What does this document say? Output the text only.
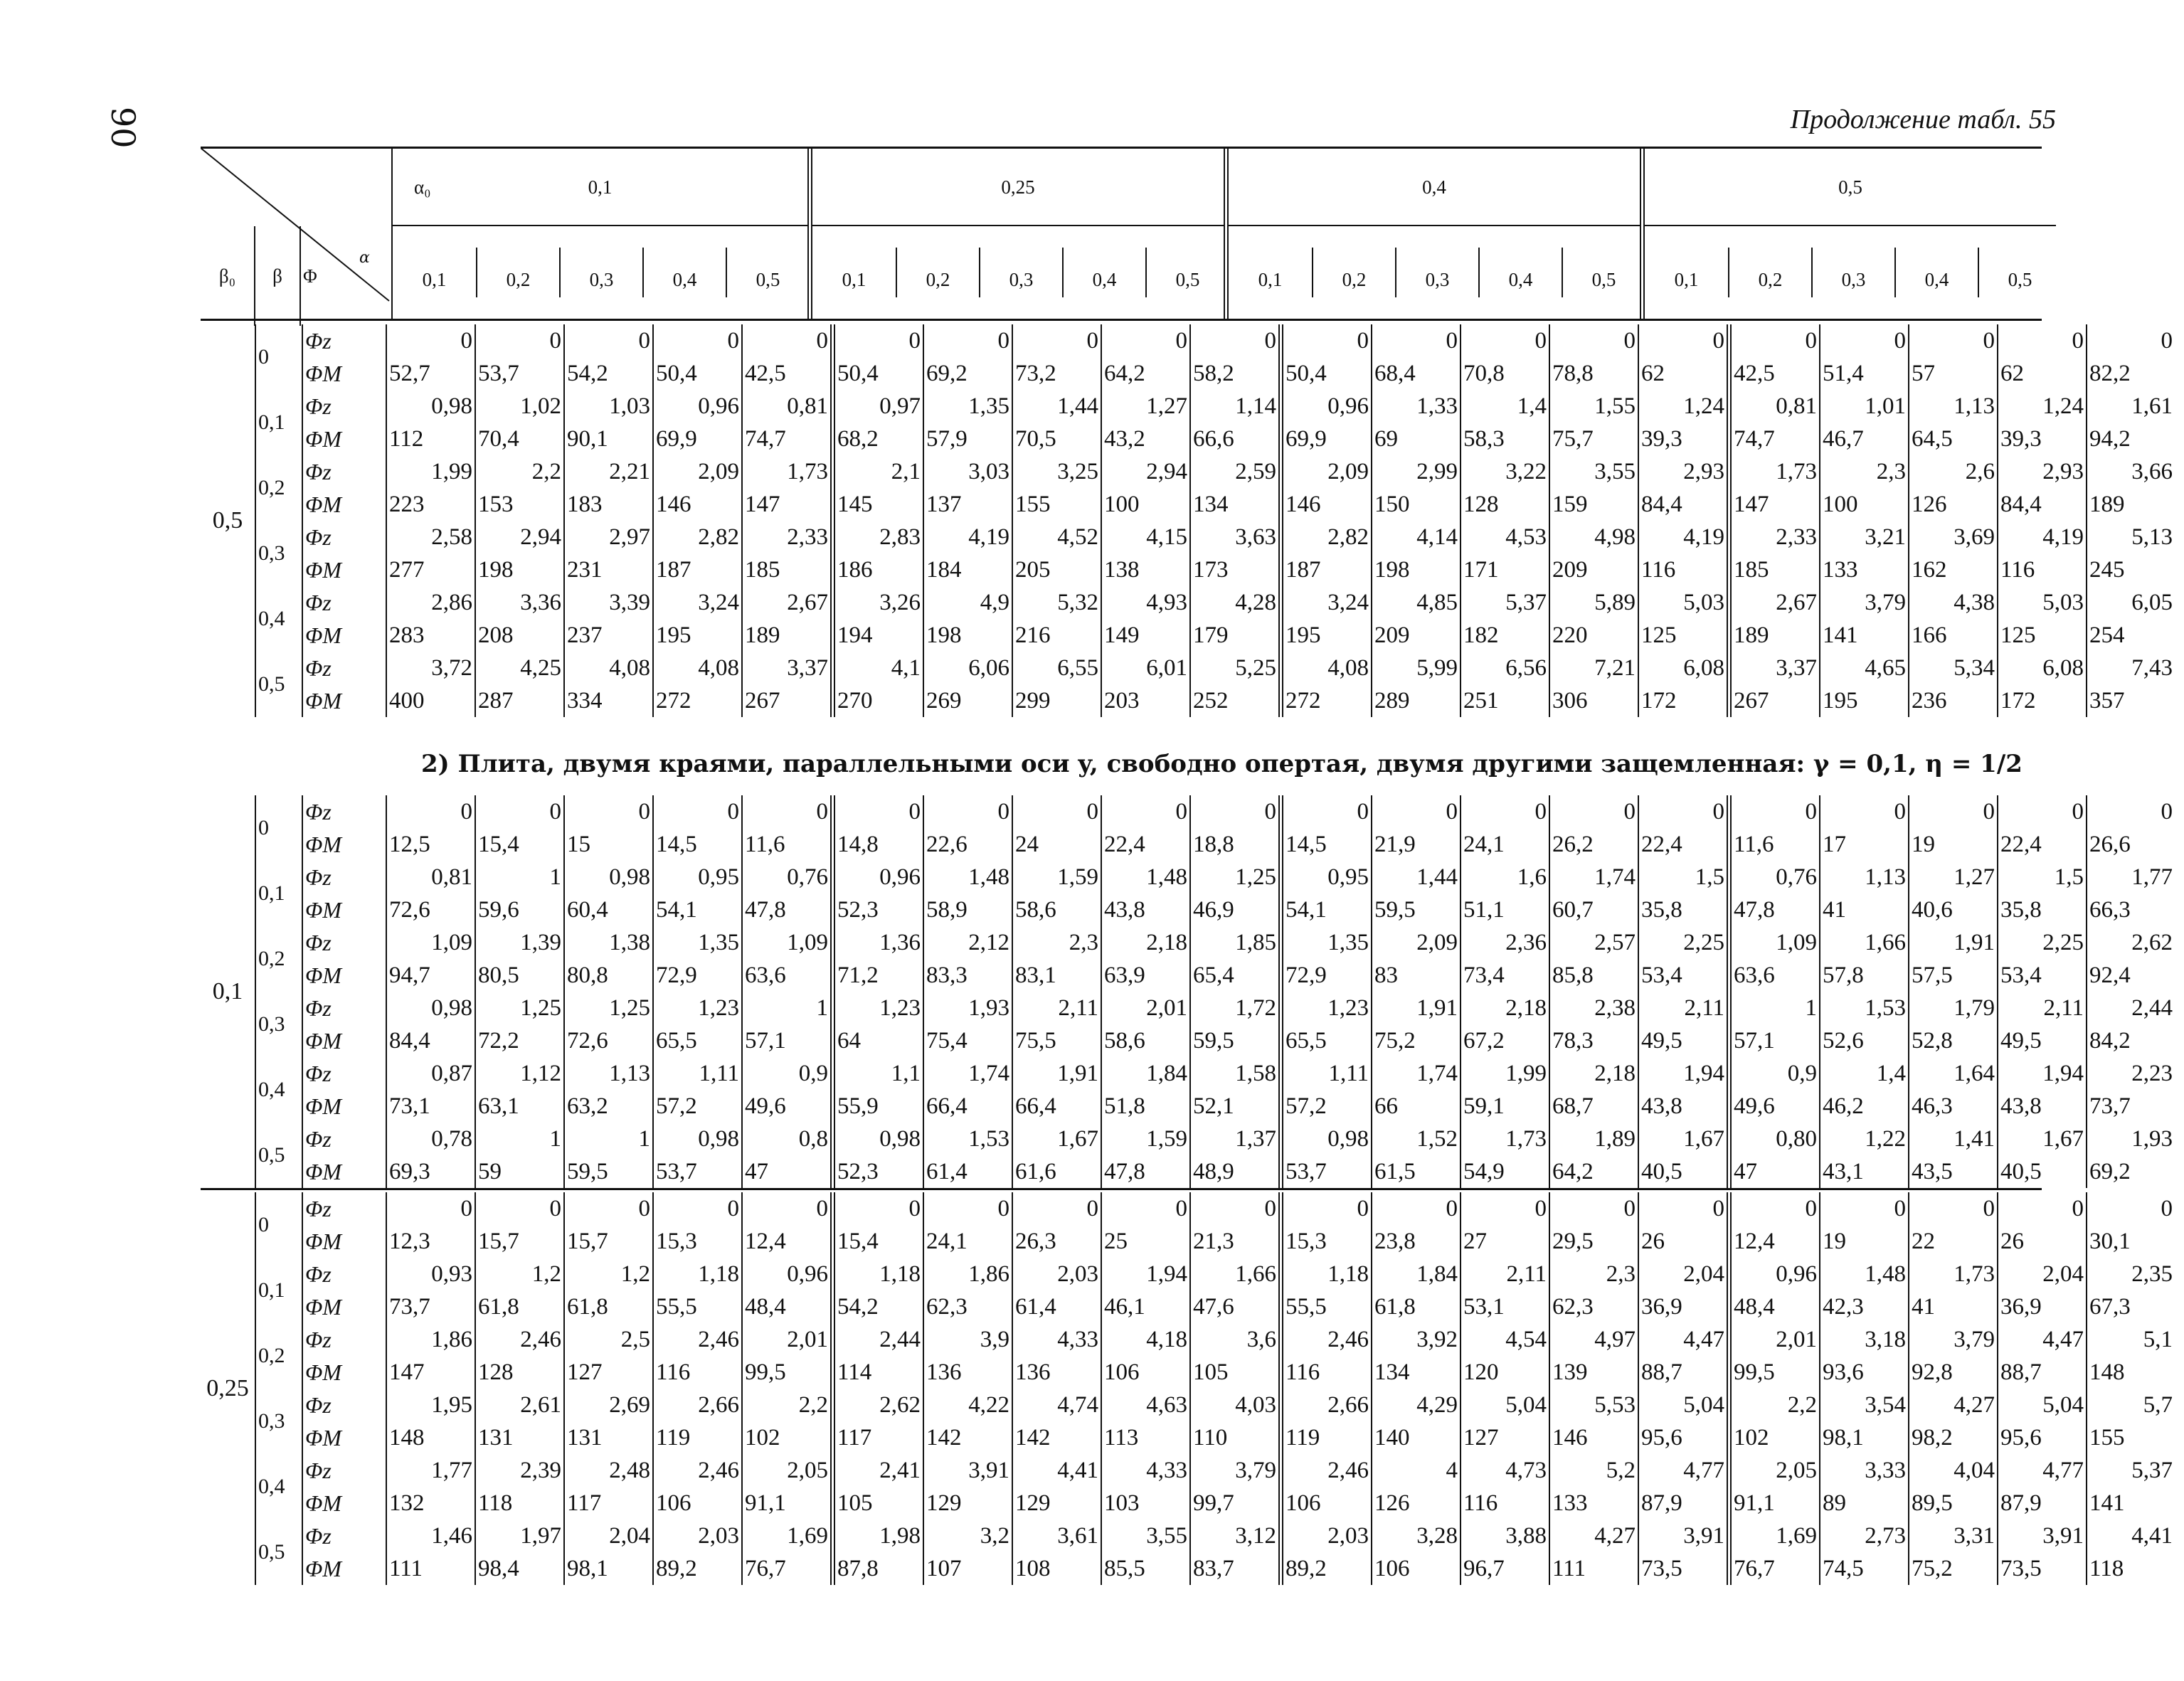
90	Продолжение табл. 55
		α₀
β₀	β	Φ
0,1
0,1	0,2	0,3	0,4	0,5
0,25
0,1	0,2	0,3	0,4	0,5
0,4
0,1	0,2	0,3	0,4	0,5
0,5
0,1	0,2	0,3	0,4	0,5
α
2) Плита, двумя краями, параллельными оси y, свободно опертая, двумя другими защемленная: γ = 0,1, η = 1/2
0,5	0	Φz	0	0	0	0	0	0	0	0	0	0	0	0	0	0	0	0	0	0	0	0
		ΦM	52,7	53,7	54,2	50,4	42,5	50,4	69,2	73,2	64,2	58,2	50,4	68,4	70,8	78,8	62	42,5	51,4	57	62	82,2
	0,1	Φz	0,98	1,02	1,03	0,96	0,81	0,97	1,35	1,44	1,27	1,14	0,96	1,33	1,4	1,55	1,24	0,81	1,01	1,13	1,24	1,61
		ΦM	112	70,4	90,1	69,9	74,7	68,2	57,9	70,5	43,2	66,6	69,9	69	58,3	75,7	39,3	74,7	46,7	64,5	39,3	94,2
	0,2	Φz	1,99	2,2	2,21	2,09	1,73	2,1	3,03	3,25	2,94	2,59	2,09	2,99	3,22	3,55	2,93	1,73	2,3	2,6	2,93	3,66
		ΦM	223	153	183	146	147	145	137	155	100	134	146	150	128	159	84,4	147	100	126	84,4	189
	0,3	Φz	2,58	2,94	2,97	2,82	2,33	2,83	4,19	4,52	4,15	3,63	2,82	4,14	4,53	4,98	4,19	2,33	3,21	3,69	4,19	5,13
		ΦM	277	198	231	187	185	186	184	205	138	173	187	198	171	209	116	185	133	162	116	245
	0,4	Φz	2,86	3,36	3,39	3,24	2,67	3,26	4,9	5,32	4,93	4,28	3,24	4,85	5,37	5,89	5,03	2,67	3,79	4,38	5,03	6,05
		ΦM	283	208	237	195	189	194	198	216	149	179	195	209	182	220	125	189	141	166	125	254
	0,5	Φz	3,72	4,25	4,08	4,08	3,37	4,1	6,06	6,55	6,01	5,25	4,08	5,99	6,56	7,21	6,08	3,37	4,65	5,34	6,08	7,43
		ΦM	400	287	334	272	267	270	269	299	203	252	272	289	251	306	172	267	195	236	172	357
0,1	0	Φz	0	0	0	0	0	0	0	0	0	0	0	0	0	0	0	0	0	0	0	0
		ΦM	12,5	15,4	15	14,5	11,6	14,8	22,6	24	22,4	18,8	14,5	21,9	24,1	26,2	22,4	11,6	17	19	22,4	26,6
	0,1	Φz	0,81	1	0,98	0,95	0,76	0,96	1,48	1,59	1,48	1,25	0,95	1,44	1,6	1,74	1,5	0,76	1,13	1,27	1,5	1,77
		ΦM	72,6	59,6	60,4	54,1	47,8	52,3	58,9	58,6	43,8	46,9	54,1	59,5	51,1	60,7	35,8	47,8	41	40,6	35,8	66,3
	0,2	Φz	1,09	1,39	1,38	1,35	1,09	1,36	2,12	2,3	2,18	1,85	1,35	2,09	2,36	2,57	2,25	1,09	1,66	1,91	2,25	2,62
		ΦM	94,7	80,5	80,8	72,9	63,6	71,2	83,3	83,1	63,9	65,4	72,9	83	73,4	85,8	53,4	63,6	57,8	57,5	53,4	92,4
	0,3	Φz	0,98	1,25	1,25	1,23	1	1,23	1,93	2,11	2,01	1,72	1,23	1,91	2,18	2,38	2,11	1	1,53	1,79	2,11	2,44
		ΦM	84,4	72,2	72,6	65,5	57,1	64	75,4	75,5	58,6	59,5	65,5	75,2	67,2	78,3	49,5	57,1	52,6	52,8	49,5	84,2
	0,4	Φz	0,87	1,12	1,13	1,11	0,9	1,1	1,74	1,91	1,84	1,58	1,11	1,74	1,99	2,18	1,94	0,9	1,4	1,64	1,94	2,23
		ΦM	73,1	63,1	63,2	57,2	49,6	55,9	66,4	66,4	51,8	52,1	57,2	66	59,1	68,7	43,8	49,6	46,2	46,3	43,8	73,7
	0,5	Φz	0,78	1	1	0,98	0,8	0,98	1,53	1,67	1,59	1,37	0,98	1,52	1,73	1,89	1,67	0,80	1,22	1,41	1,67	1,93
		ΦM	69,3	59	59,5	53,7	47	52,3	61,4	61,6	47,8	48,9	53,7	61,5	54,9	64,2	40,5	47	43,1	43,5	40,5	69,2
0,25	0	Φz	0	0	0	0	0	0	0	0	0	0	0	0	0	0	0	0	0	0	0	0
		ΦM	12,3	15,7	15,7	15,3	12,4	15,4	24,1	26,3	25	21,3	15,3	23,8	27	29,5	26	12,4	19	22	26	30,1
	0,1	Φz	0,93	1,2	1,2	1,18	0,96	1,18	1,86	2,03	1,94	1,66	1,18	1,84	2,11	2,3	2,04	0,96	1,48	1,73	2,04	2,35
		ΦM	73,7	61,8	61,8	55,5	48,4	54,2	62,3	61,4	46,1	47,6	55,5	61,8	53,1	62,3	36,9	48,4	42,3	41	36,9	67,3
	0,2	Φz	1,86	2,46	2,5	2,46	2,01	2,44	3,9	4,33	4,18	3,6	2,46	3,92	4,54	4,97	4,47	2,01	3,18	3,79	4,47	5,1
		ΦM	147	128	127	116	99,5	114	136	136	106	105	116	134	120	139	88,7	99,5	93,6	92,8	88,7	148
	0,3	Φz	1,95	2,61	2,69	2,66	2,2	2,62	4,22	4,74	4,63	4,03	2,66	4,29	5,04	5,53	5,04	2,2	3,54	4,27	5,04	5,7
		ΦM	148	131	131	119	102	117	142	142	113	110	119	140	127	146	95,6	102	98,1	98,2	95,6	155
	0,4	Φz	1,77	2,39	2,48	2,46	2,05	2,41	3,91	4,41	4,33	3,79	2,46	4	4,73	5,2	4,77	2,05	3,33	4,04	4,77	5,37
		ΦM	132	118	117	106	91,1	105	129	129	103	99,7	106	126	116	133	87,9	91,1	89	89,5	87,9	141
	0,5	Φz	1,46	1,97	2,04	2,03	1,69	1,98	3,2	3,61	3,55	3,12	2,03	3,28	3,88	4,27	3,91	1,69	2,73	3,31	3,91	4,41
		ΦM	111	98,4	98,1	89,2	76,7	87,8	107	108	85,5	83,7	89,2	106	96,7	111	73,5	76,7	74,5	75,2	73,5	118
